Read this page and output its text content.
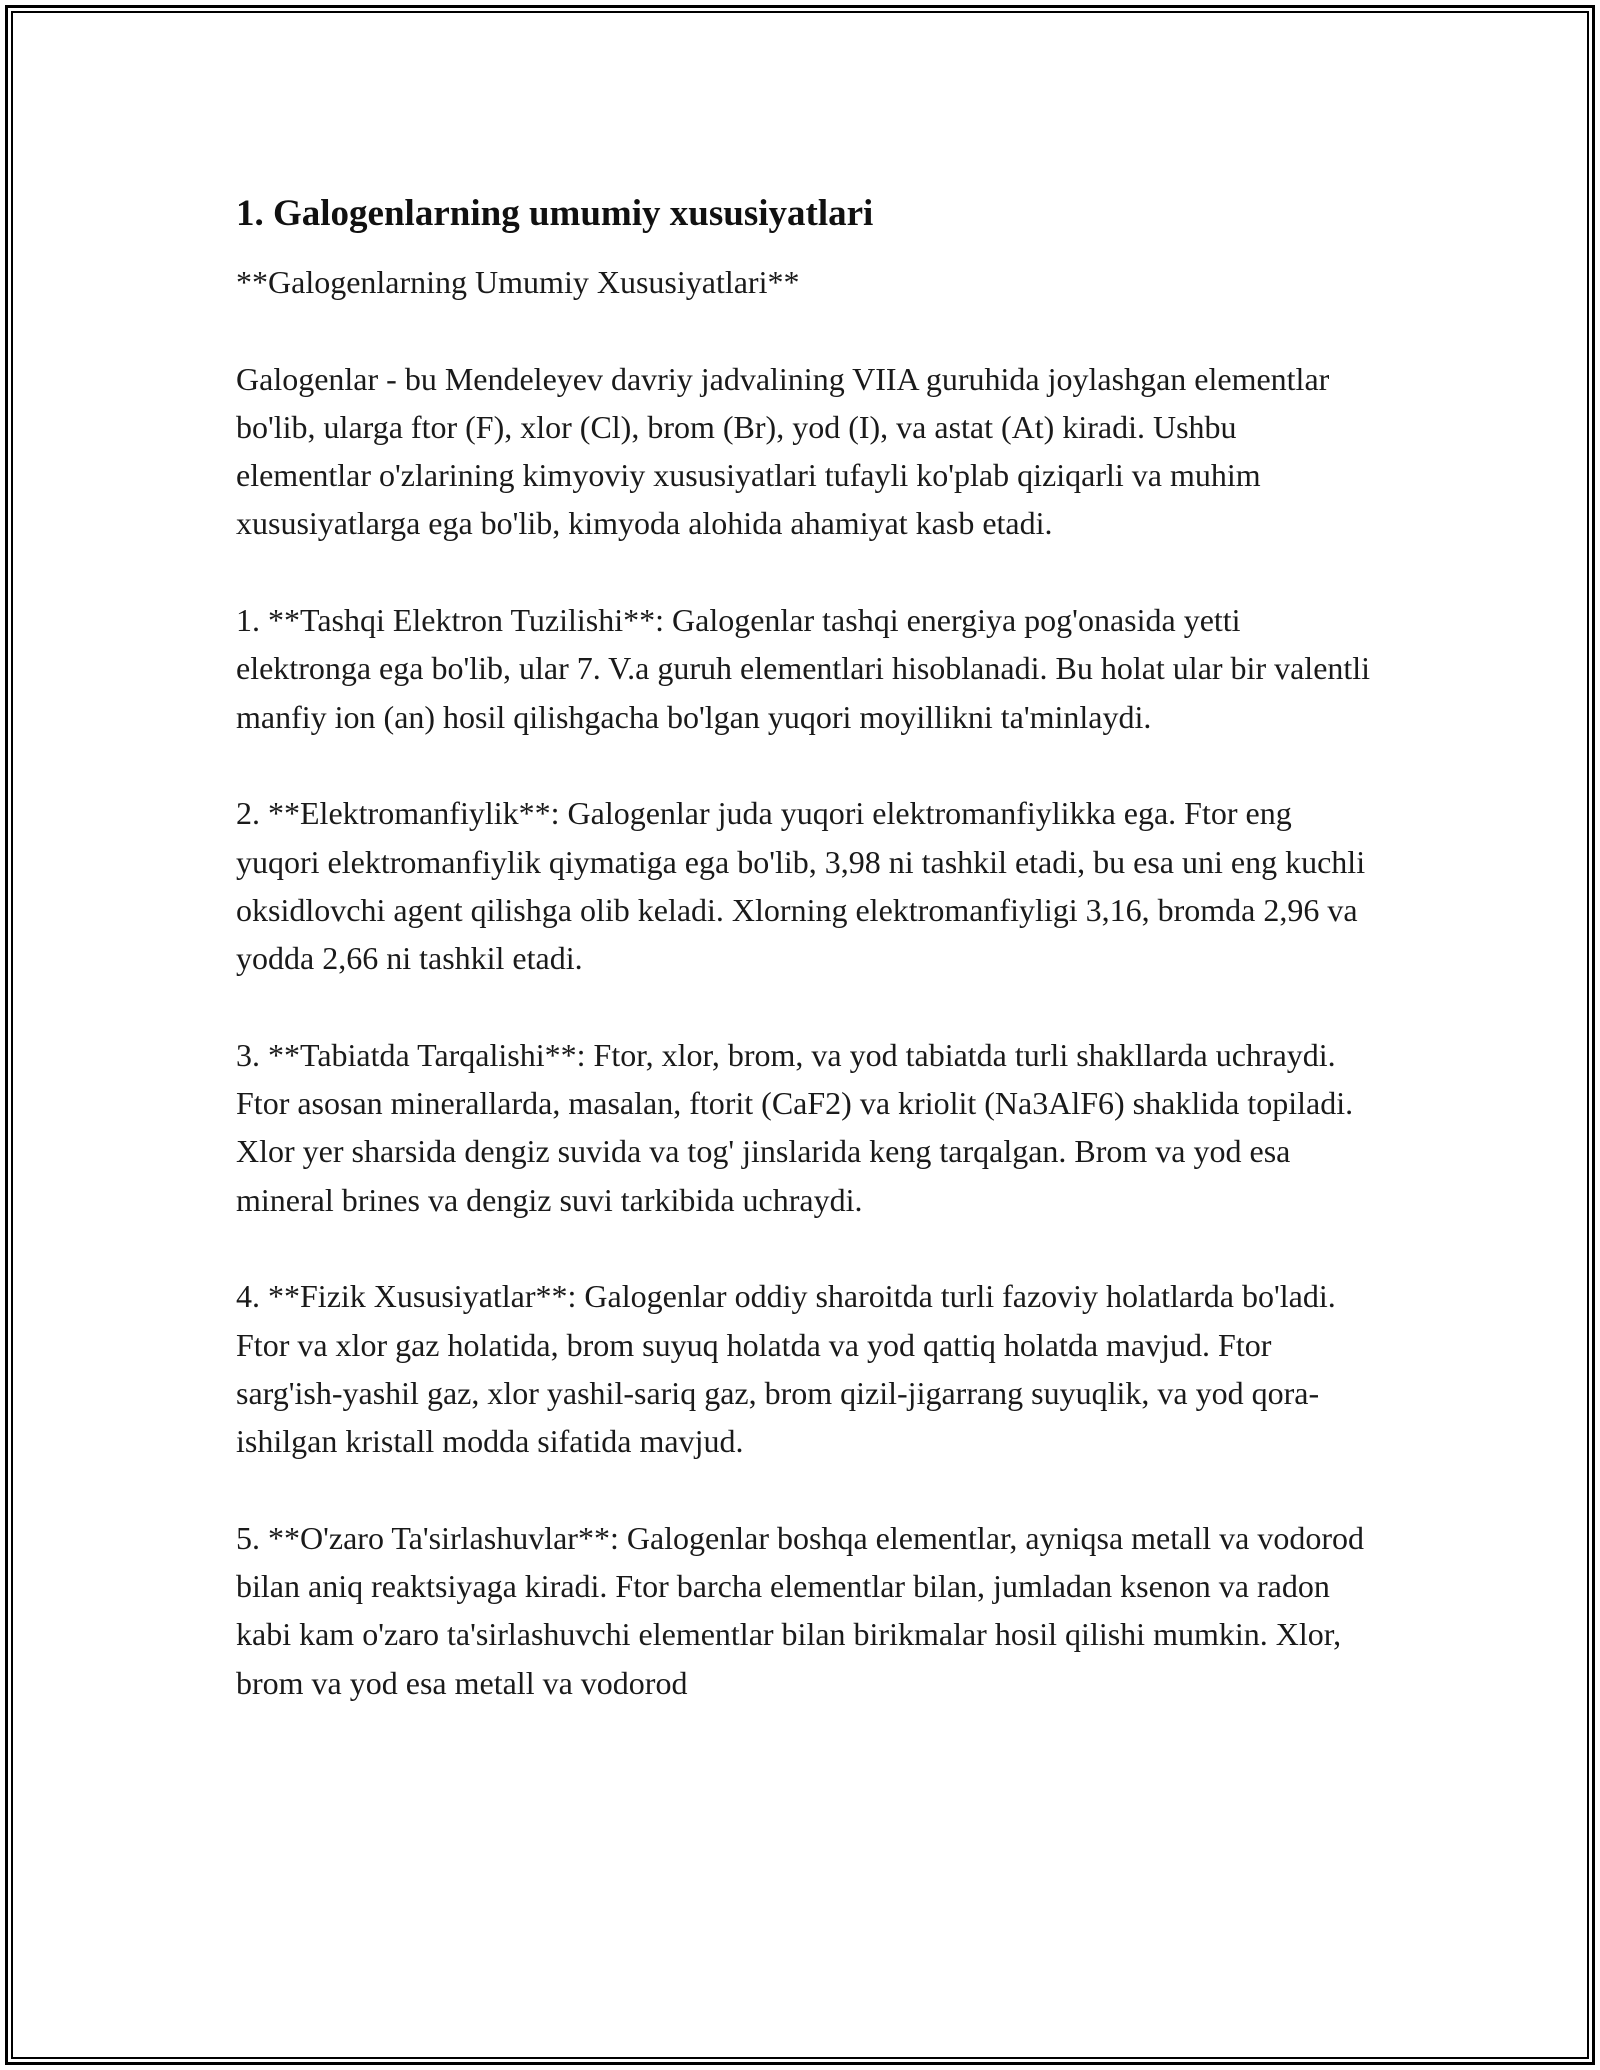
1. Galogenlarning umumiy xususiyatlari

**Galogenlarning Umumiy Xususiyatlari**

Galogenlar - bu Mendeleyev davriy jadvalining VIIA guruhida joylashgan elementlar bo'lib, ularga ftor (F), xlor (Cl), brom (Br), yod (I), va astat (At) kiradi. Ushbu elementlar o'zlarining kimyoviy xususiyatlari tufayli ko'plab qiziqarli va muhim xususiyatlarga ega bo'lib, kimyoda alohida ahamiyat kasb etadi.

1. **Tashqi Elektron Tuzilishi**: Galogenlar tashqi energiya pog'onasida yetti elektronga ega bo'lib, ular 7. V.a guruh elementlari hisoblanadi. Bu holat ular bir valentli manfiy ion (an) hosil qilishgacha bo'lgan yuqori moyillikni ta'minlaydi.

2. **Elektromanfiylik**: Galogenlar juda yuqori elektromanfiylikka ega. Ftor eng yuqori elektromanfiylik qiymatiga ega bo'lib, 3,98 ni tashkil etadi, bu esa uni eng kuchli oksidlovchi agent qilishga olib keladi. Xlorning elektromanfiyligi 3,16, bromda 2,96 va yodda 2,66 ni tashkil etadi.

3. **Tabiatda Tarqalishi**: Ftor, xlor, brom, va yod tabiatda turli shakllarda uchraydi. Ftor asosan minerallarda, masalan, ftorit (CaF2) va kriolit (Na3AlF6) shaklida topiladi. Xlor yer sharsida dengiz suvida va tog' jinslarida keng tarqalgan. Brom va yod esa mineral brines va dengiz suvi tarkibida uchraydi.

4. **Fizik Xususiyatlar**: Galogenlar oddiy sharoitda turli fazoviy holatlarda bo'ladi. Ftor va xlor gaz holatida, brom suyuq holatda va yod qattiq holatda mavjud. Ftor sarg'ish-yashil gaz, xlor yashil-sariq gaz, brom qizil-jigarrang suyuqlik, va yod qora-ishilgan kristall modda sifatida mavjud.

5. **O'zaro Ta'sirlashuvlar**: Galogenlar boshqa elementlar, ayniqsa metall va vodorod bilan aniq reaktsiyaga kiradi. Ftor barcha elementlar bilan, jumladan ksenon va radon kabi kam o'zaro ta'sirlashuvchi elementlar bilan birikmalar hosil qilishi mumkin. Xlor, brom va yod esa metall va vodorod
